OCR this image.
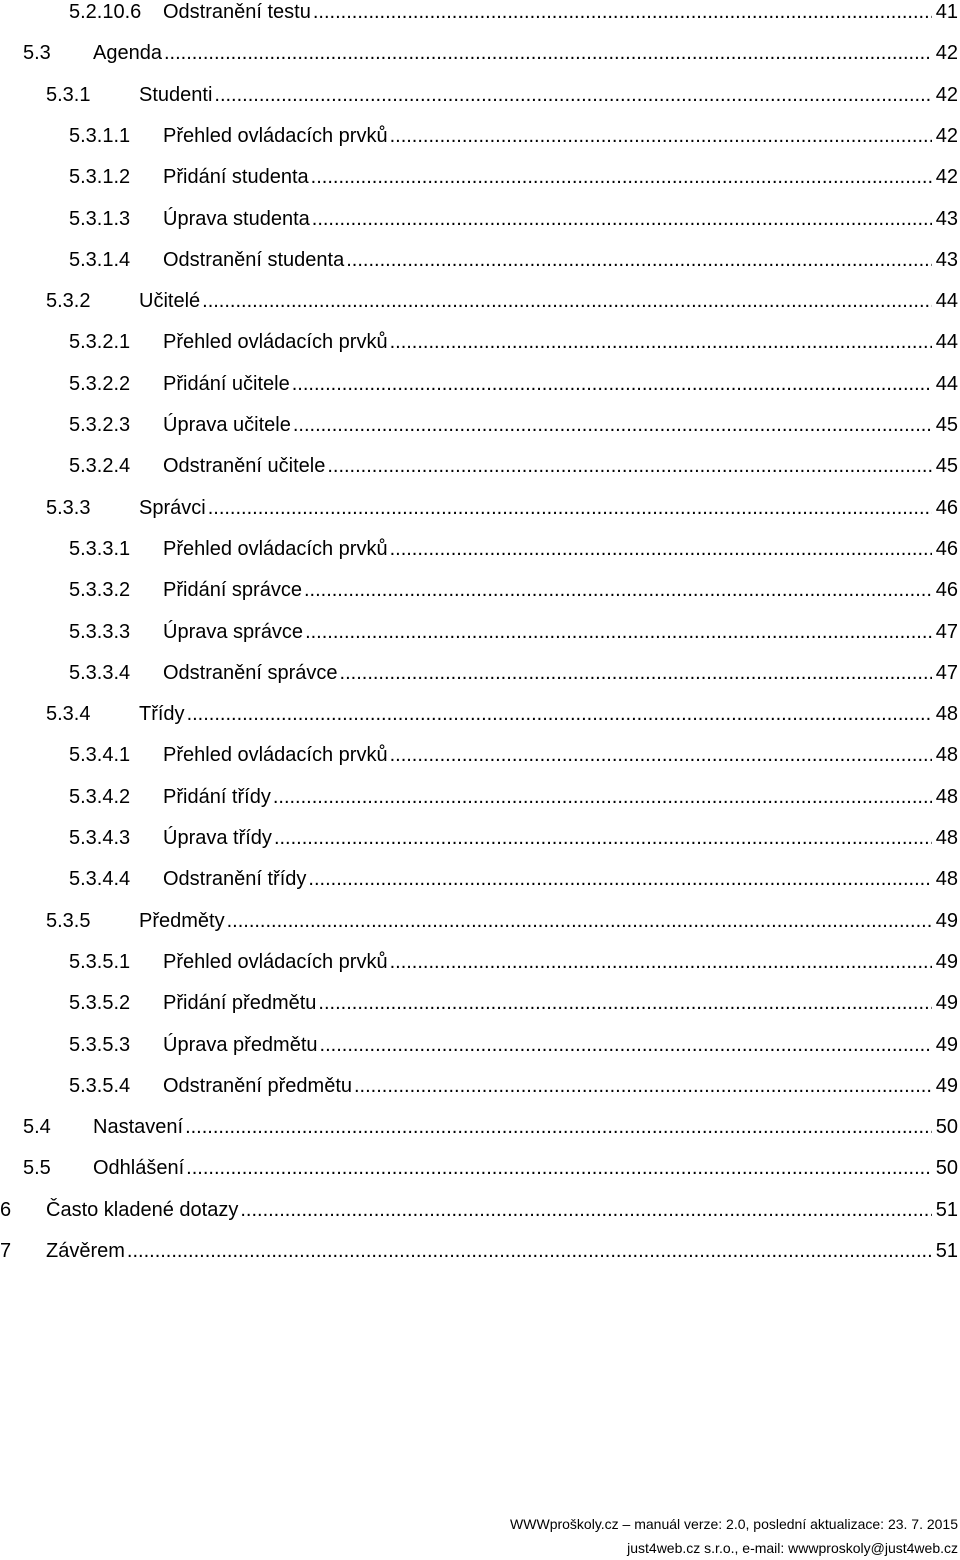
5.2.10.6 Odstranění testu .....	41
5.3 Agenda .....	42
5.3.1 Studenti .....	42
5.3.1.1 Přehled ovládacích prvků .....	42
5.3.1.2 Přidání studenta .....	42
5.3.1.3 Úprava studenta .....	43
5.3.1.4 Odstranění studenta .....	43
5.3.2 Učitelé .....	44
5.3.2.1 Přehled ovládacích prvků .....	44
5.3.2.2 Přidání učitele .....	44
5.3.2.3 Úprava učitele .....	45
5.3.2.4 Odstranění učitele .....	45
5.3.3 Správci .....	46
5.3.3.1 Přehled ovládacích prvků .....	46
5.3.3.2 Přidání správce .....	46
5.3.3.3 Úprava správce .....	47
5.3.3.4 Odstranění správce .....	47
5.3.4 Třídy .....	48
5.3.4.1 Přehled ovládacích prvků .....	48
5.3.4.2 Přidání třídy .....	48
5.3.4.3 Úprava třídy .....	48
5.3.4.4 Odstranění třídy .....	48
5.3.5 Předměty .....	49
5.3.5.1 Přehled ovládacích prvků .....	49
5.3.5.2 Přidání předmětu .....	49
5.3.5.3 Úprava předmětu .....	49
5.3.5.4 Odstranění předmětu .....	49
5.4 Nastavení .....	50
5.5 Odhlášení .....	50
6 Často kladené dotazy .....	51
7 Závěrem .....	51
WWWproškoly.cz – manuál verze: 2.0, poslední aktualizace: 23. 7. 2015
just4web.cz s.r.o., e-mail: wwwproskoly@just4web.cz
